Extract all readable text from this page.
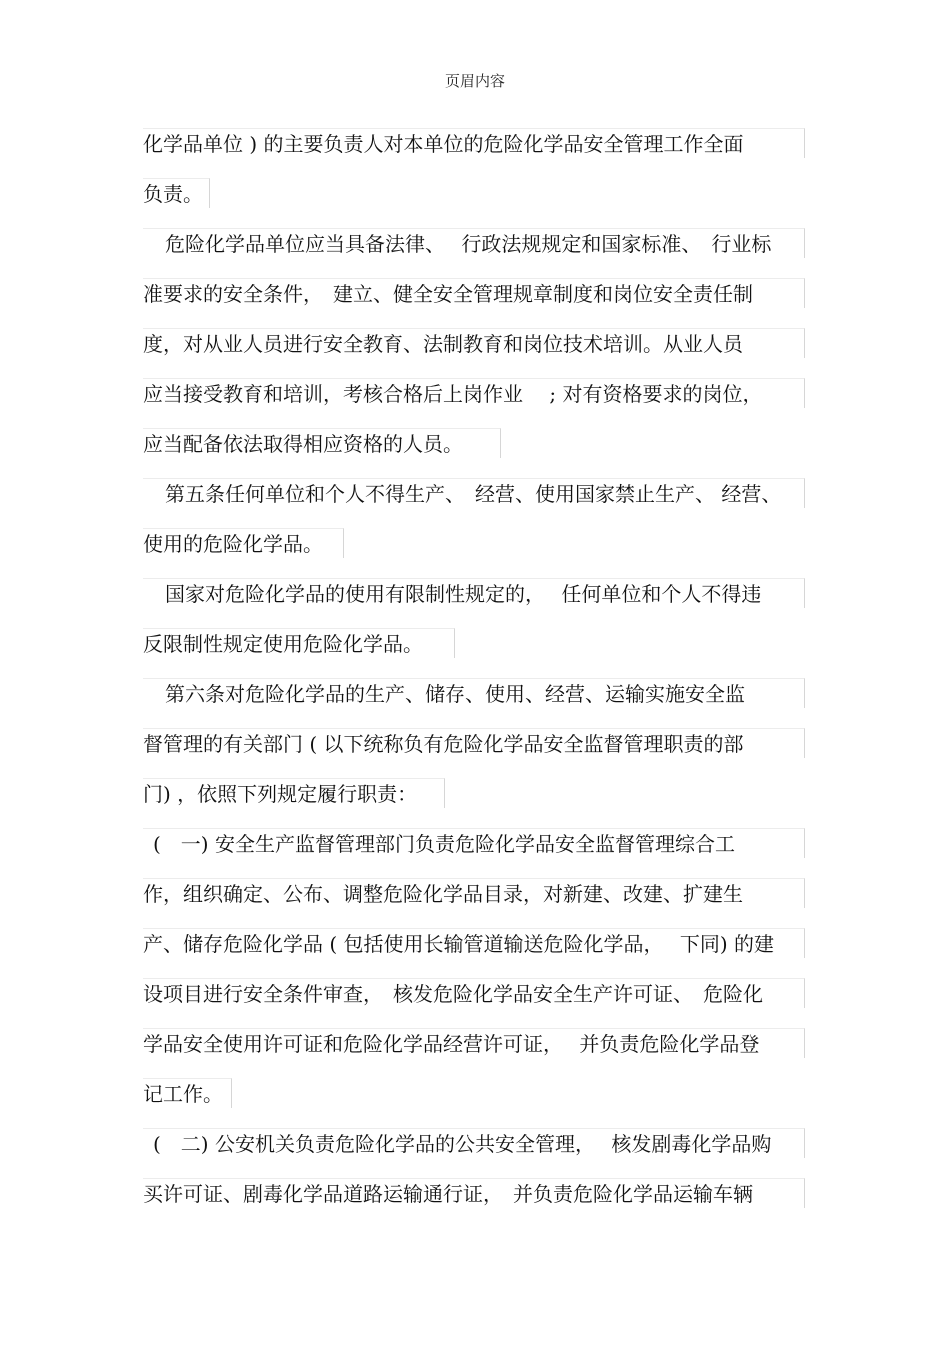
页眉内容
化学品单位 ) 的主要负责人对本单位的危险化学品安全管理工作全面
负责。
危险化学品单位应当具备法律、　 行政法规规定和国家标准、　行业标
准要求的安全条件，　建立、健全安全管理规章制度和岗位安全责任制
度，对从业人员进行安全教育、法制教育和岗位技术培训。从业人员
应当接受教育和培训，考核合格后上岗作业　 ; 对有资格要求的岗位，
应当配备依法取得相应资格的人员。
第五条任何单位和个人不得生产、　经营、使用国家禁止生产、 经营、
使用的危险化学品。
国家对危险化学品的使用有限制性规定的，　 任何单位和个人不得违
反限制性规定使用危险化学品。
第六条对危险化学品的生产、储存、使用、经营、运输实施安全监
督管理的有关部门 ( 以下统称负有危险化学品安全监督管理职责的部
门) ，依照下列规定履行职责：
(　一) 安全生产监督管理部门负责危险化学品安全监督管理综合工
作，组织确定、公布、调整危险化学品目录，对新建、改建、扩建生
产、储存危险化学品 ( 包括使用长输管道输送危险化学品，　 下同) 的建
设项目进行安全条件审查，　核发危险化学品安全生产许可证、　危险化
学品安全使用许可证和危险化学品经营许可证，　 并负责危险化学品登
记工作。
(　二) 公安机关负责危险化学品的公共安全管理，　 核发剧毒化学品购
买许可证、剧毒化学品道路运输通行证，　并负责危险化学品运输车辆
